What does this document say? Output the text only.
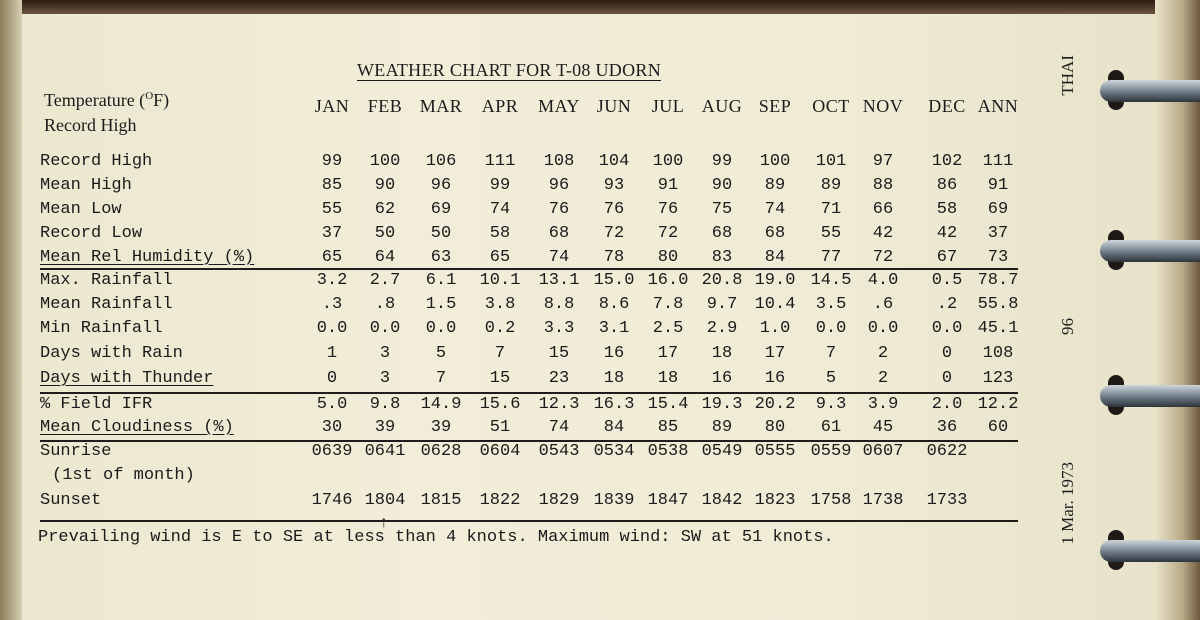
WEATHER CHART FOR T-08 UDORN	THAI
96
1 Mar. 1973
Temperature ($^O$F)
Record High
JAN FEB MAR APR MAY JUN JUL AUG SEP OCT NOV DEC ANN
Record High	99 100 106 111 108 104 100 99 100 101 97 102 111
Mean High	85 90 96 99 96 93 91 90 89 89 88	86 91
Mean Low	55 62 69 74 76 76 76 75 74 71 66	58 69
Record Low	37 50 50 58 68 72 72 68 68 55 42	42 37
Mean Rel Humidity (%)	65 64 63 65 74 78 80 83 84 77 72	67 73
Max. Rainfall	3.2 2.7 6.1 10.1 13.1 15.0 16.0 20.8 19.0 14.5 4.0 0.5 78.7
Mean Rainfall	.3 .8 1.5 3.8 8.8 8.6 7.8 9.7 10.4 3.5 .6	.2 55.8
Min Rainfall	0.0 0.0 0.0 0.2 3.3 3.1 2.5 2.9 1.0 0.0 0.0 0.0 45.1
Days with Rain	1	3	5	7	15 16 17 18 17 7 2	0 108
Days with Thunder	0	3	7	15 23 18 18 16 16 5 2	0 123
% Field IFR	5.0 9.8 14.9 15.6 12.3 16.3 15.4 19.3 20.2 9.3 3.9 2.0 12.2
Mean Cloudiness (%)	30 39 39 51 74 84 85 89 80 61 45	36 60
Sunrise	0639 0641 0628 0604 0543 0534 0538 0549 0555 0559 0607 0622
(1st of month)
Sunset	1746 1804 1815 1822 1829 1839 1847 1842 1823 1758 1738 1733
↑
Prevailing wind is E to SE at less than 4 knots. Maximum wind: SW at 51 knots.
